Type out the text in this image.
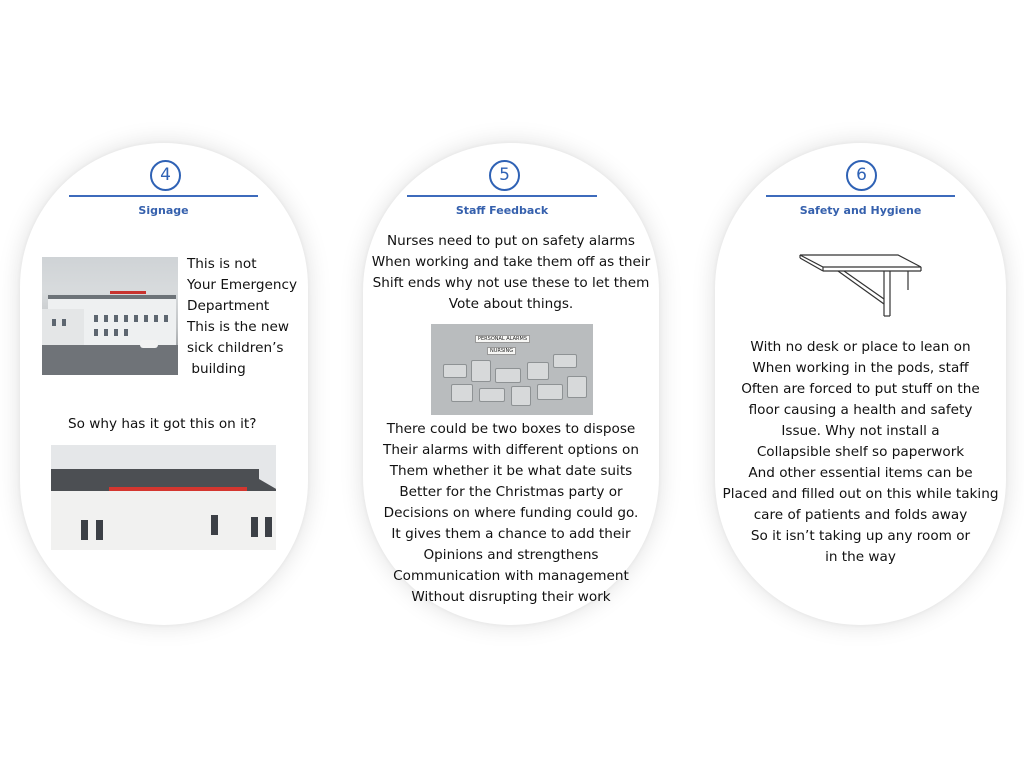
4
Signage
This is not
Your Emergency
Department
This is the new
sick children’s
building
So why has it got this on it?
5
Staff Feedback
Nurses need to put on safety alarms
When working and take them off as their
Shift ends why not use these to let them
Vote about things.
PERSONAL ALARMS
NURSING
There could be two boxes to dispose
Their alarms with different options on
Them whether it be what date suits
Better for the Christmas party or
Decisions on where funding could go.
It gives them a chance to add their
Opinions and strengthens
Communication with management
Without disrupting their work
6
Safety and Hygiene
With no desk or place to lean on
When working in the pods, staff
Often are forced to put stuff on the
floor causing a health and safety
Issue. Why not install a
Collapsible shelf so paperwork
And other essential items can be
Placed and filled out on this while taking
care of patients and folds away
So it isn’t taking up any room or
in the way
